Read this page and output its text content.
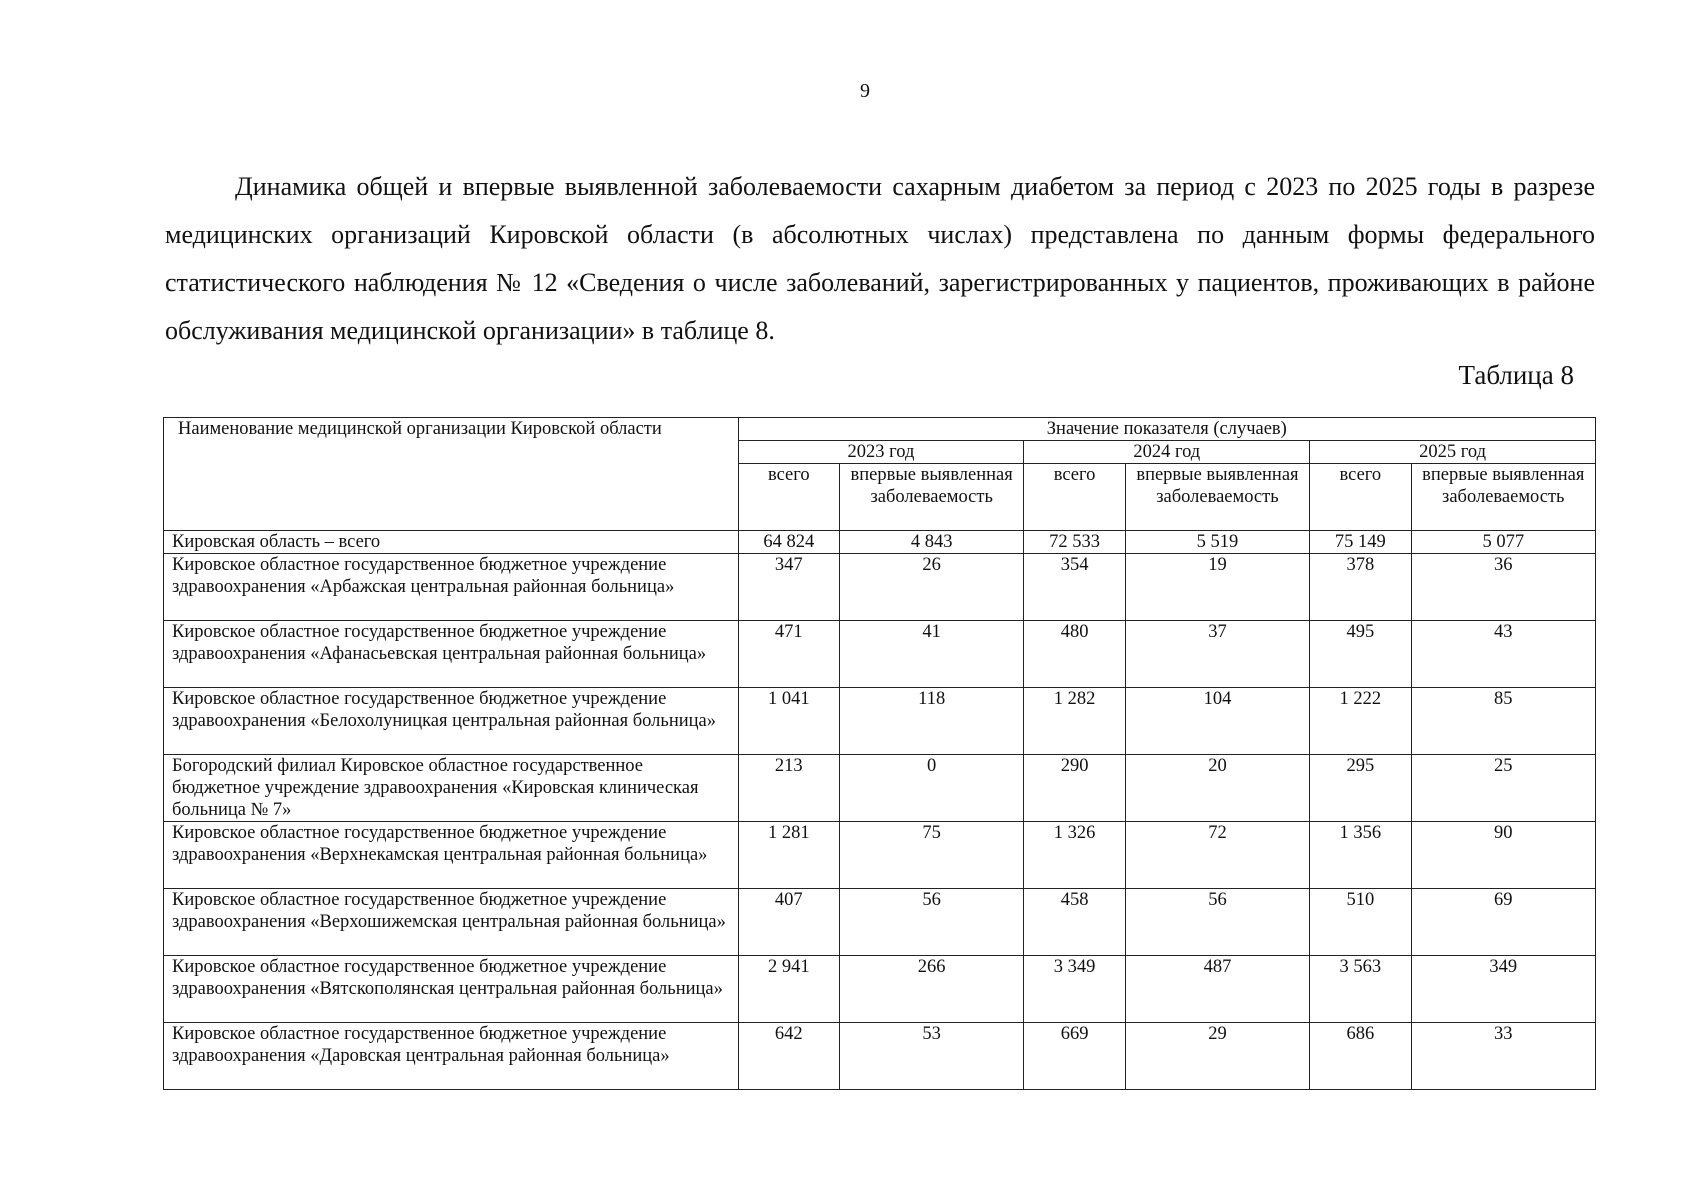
9

Динамика общей и впервые выявленной заболеваемости сахарным диабетом за период с 2023 по 2025 годы в разрезе медицинских организаций Кировской области (в абсолютных числах) представлена по данным формы федерального статистического наблюдения № 12 «Сведения о числе заболеваний, зарегистрированных у пациентов, проживающих в районе обслуживания медицинской организации» в таблице 8.

Таблица 8
Наименование медицинской организации Кировской области	Значение показателя (случаев)					
	2023 год		2024 год		2025 год	
	всего	впервые выявленная заболеваемость	всего	впервые выявленная заболеваемость	всего	впервые выявленная заболеваемость
Кировская область – всего	64 824	4 843	72 533	5 519	75 149	5 077
Кировское областное государственное бюджетное учреждение здравоохранения «Арбажская центральная районная больница»	347	26	354	19	378	36
Кировское областное государственное бюджетное учреждение здравоохранения «Афанасьевская центральная районная больница»	471	41	480	37	495	43
Кировское областное государственное бюджетное учреждение здравоохранения «Белохолуницкая центральная районная больница»	1 041	118	1 282	104	1 222	85
Богородский филиал Кировское областное государственное бюджетное учреждение здравоохранения «Кировская клиническая больница № 7»	213	0	290	20	295	25
Кировское областное государственное бюджетное учреждение здравоохранения «Верхнекамская центральная районная больница»	1 281	75	1 326	72	1 356	90
Кировское областное государственное бюджетное учреждение здравоохранения «Верхошижемская центральная районная больница»	407	56	458	56	510	69
Кировское областное государственное бюджетное учреждение здравоохранения «Вятскополянская центральная районная больница»	2 941	266	3 349	487	3 563	349
Кировское областное государственное бюджетное учреждение здравоохранения «Даровская центральная районная больница»	642	53	669	29	686	33
